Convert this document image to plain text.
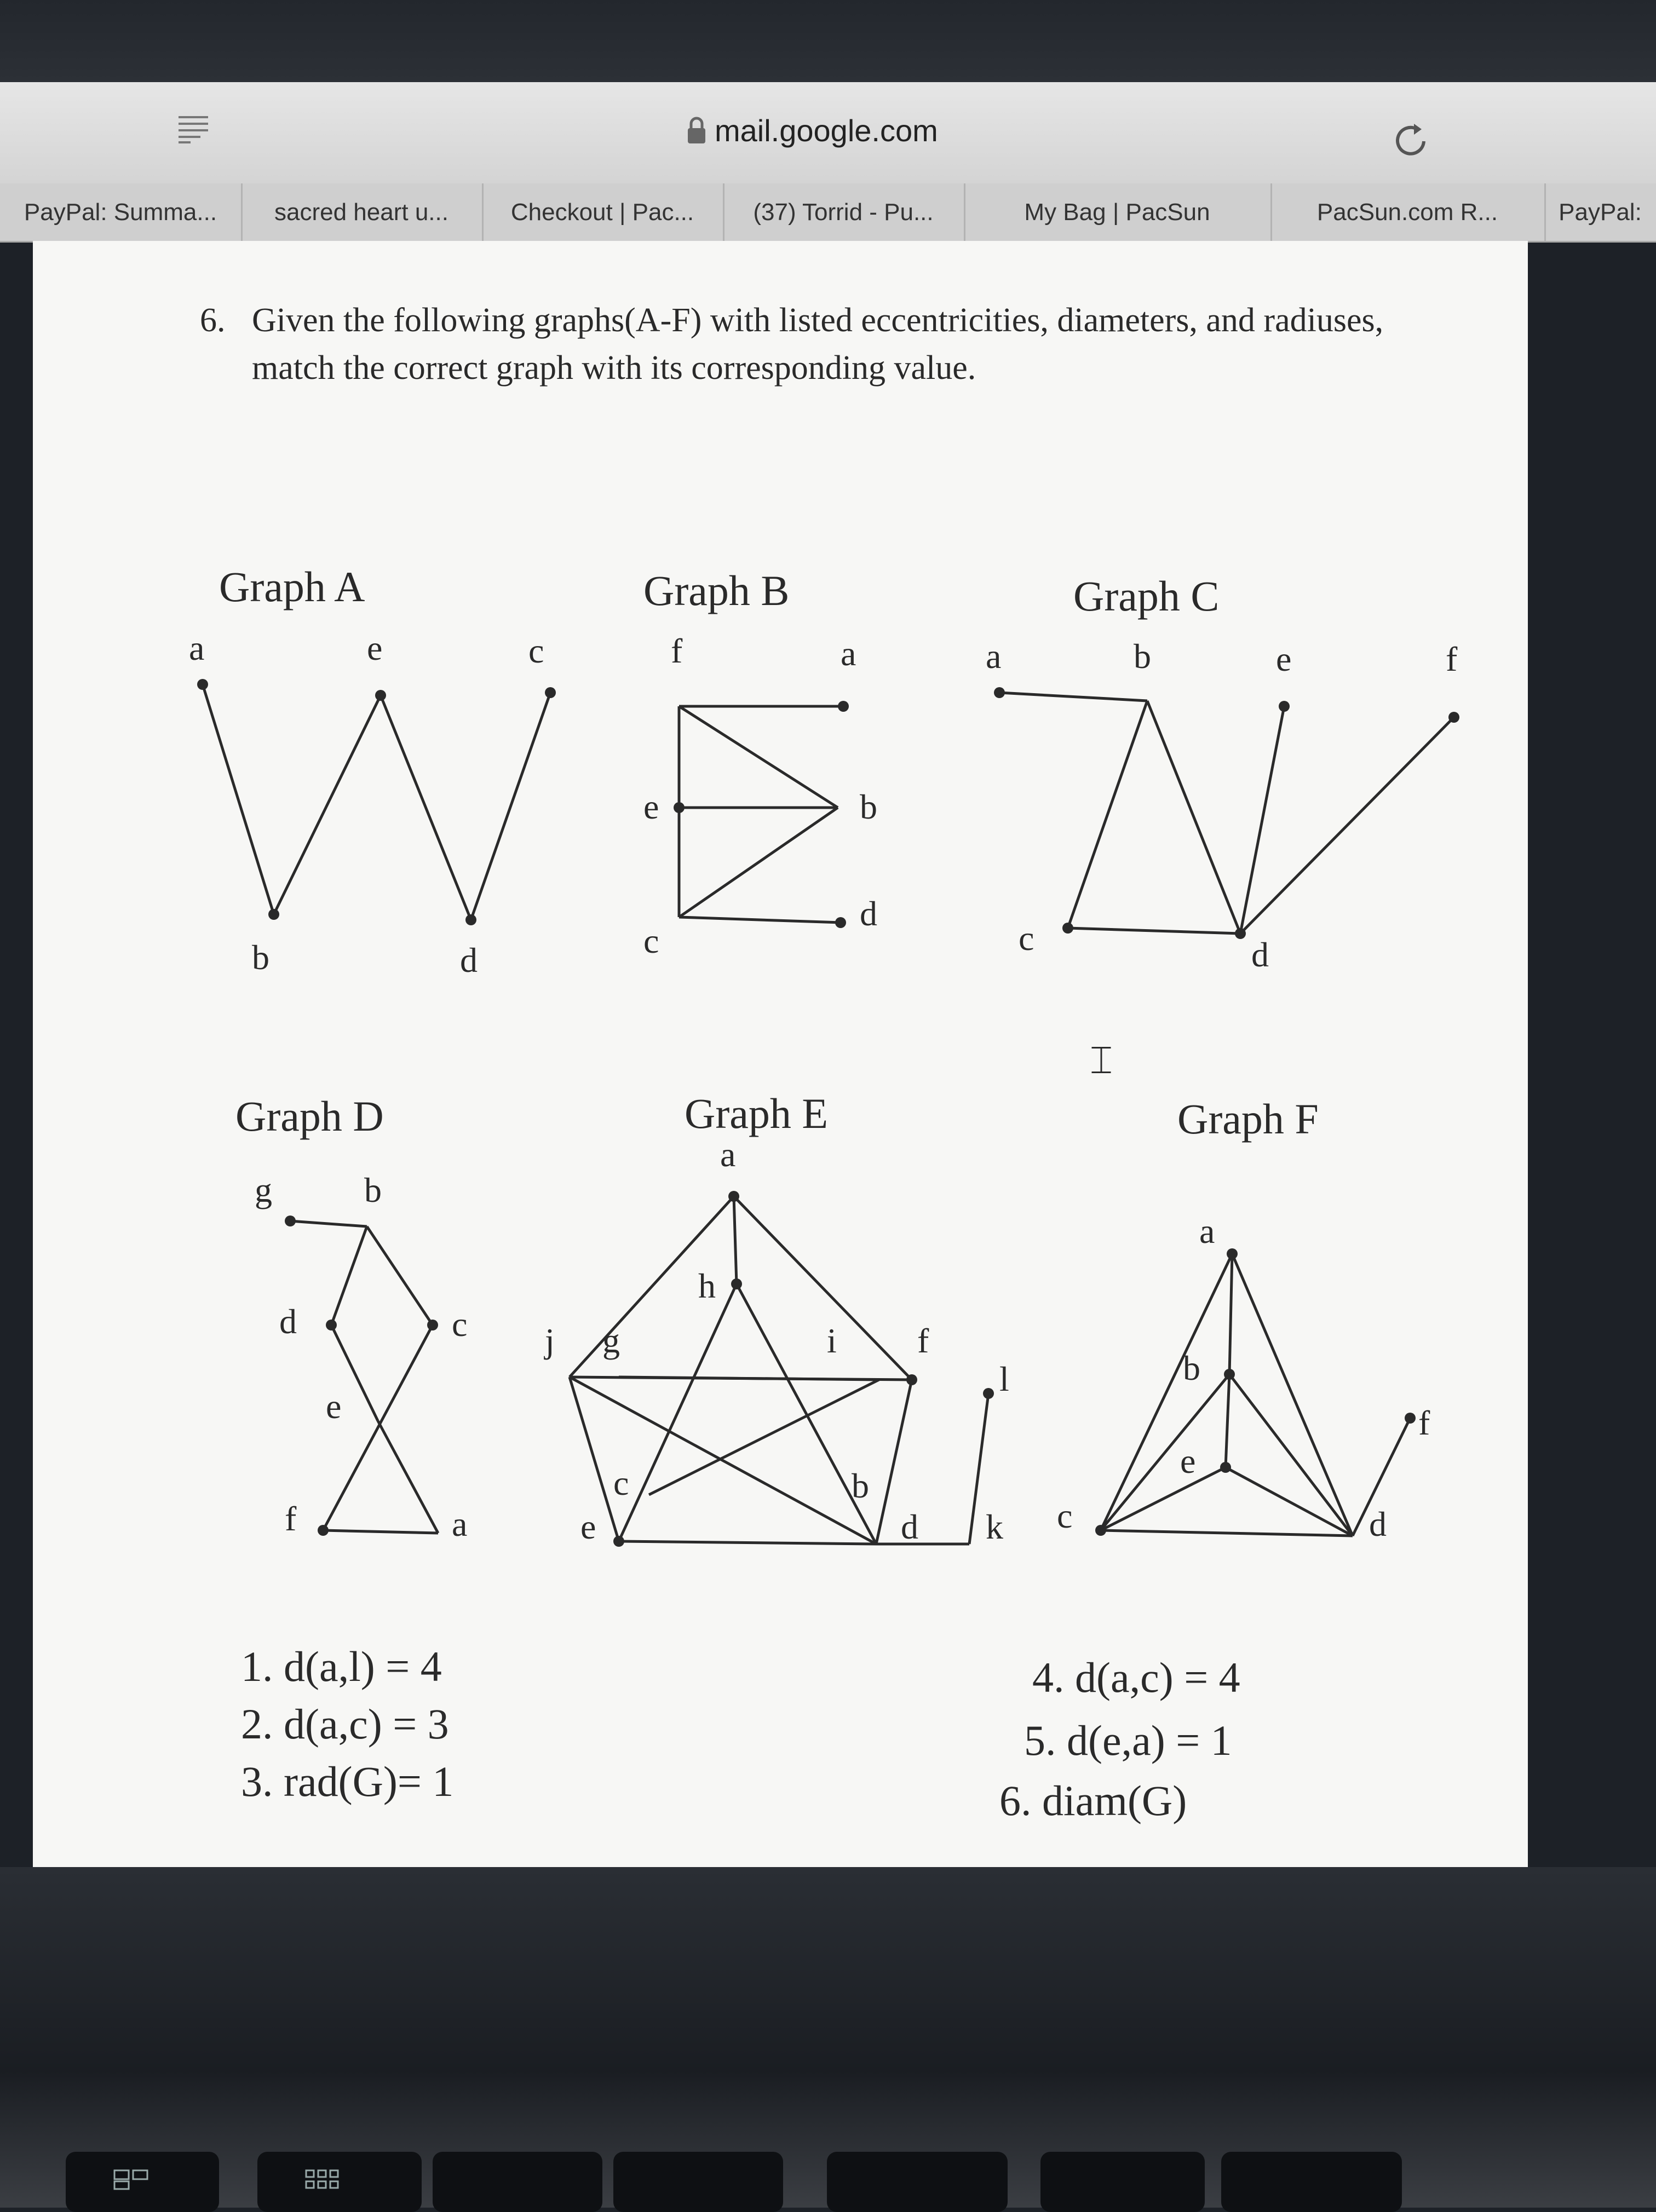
mail.google.com
PayPal: Summa...	sacred heart u...	Checkout | Pac...	(37) Torrid - Pu...	My Bag | PacSun	PacSun.com R...	PayPal:
6. Given the following graphs(A-F) with listed eccentricities, diameters, and radiuses,
match the correct graph with its corresponding value.
Graph A
a	e	c
b	d
Graph B
f	a
e	b
c
d
Graph C
a	b	e	f
c	d
⌶
Graph D
g	b
d	c
e
f	a
Graph E
a
h
j g	i f
l
c	b
e	d k
Graph F
a
b
f
e
c	d
1. d(a,l) = 4
2. d(a,c) = 3
3. rad(G)= 1
4. d(a,c) = 4
5. d(e,a) = 1
6. diam(G)
